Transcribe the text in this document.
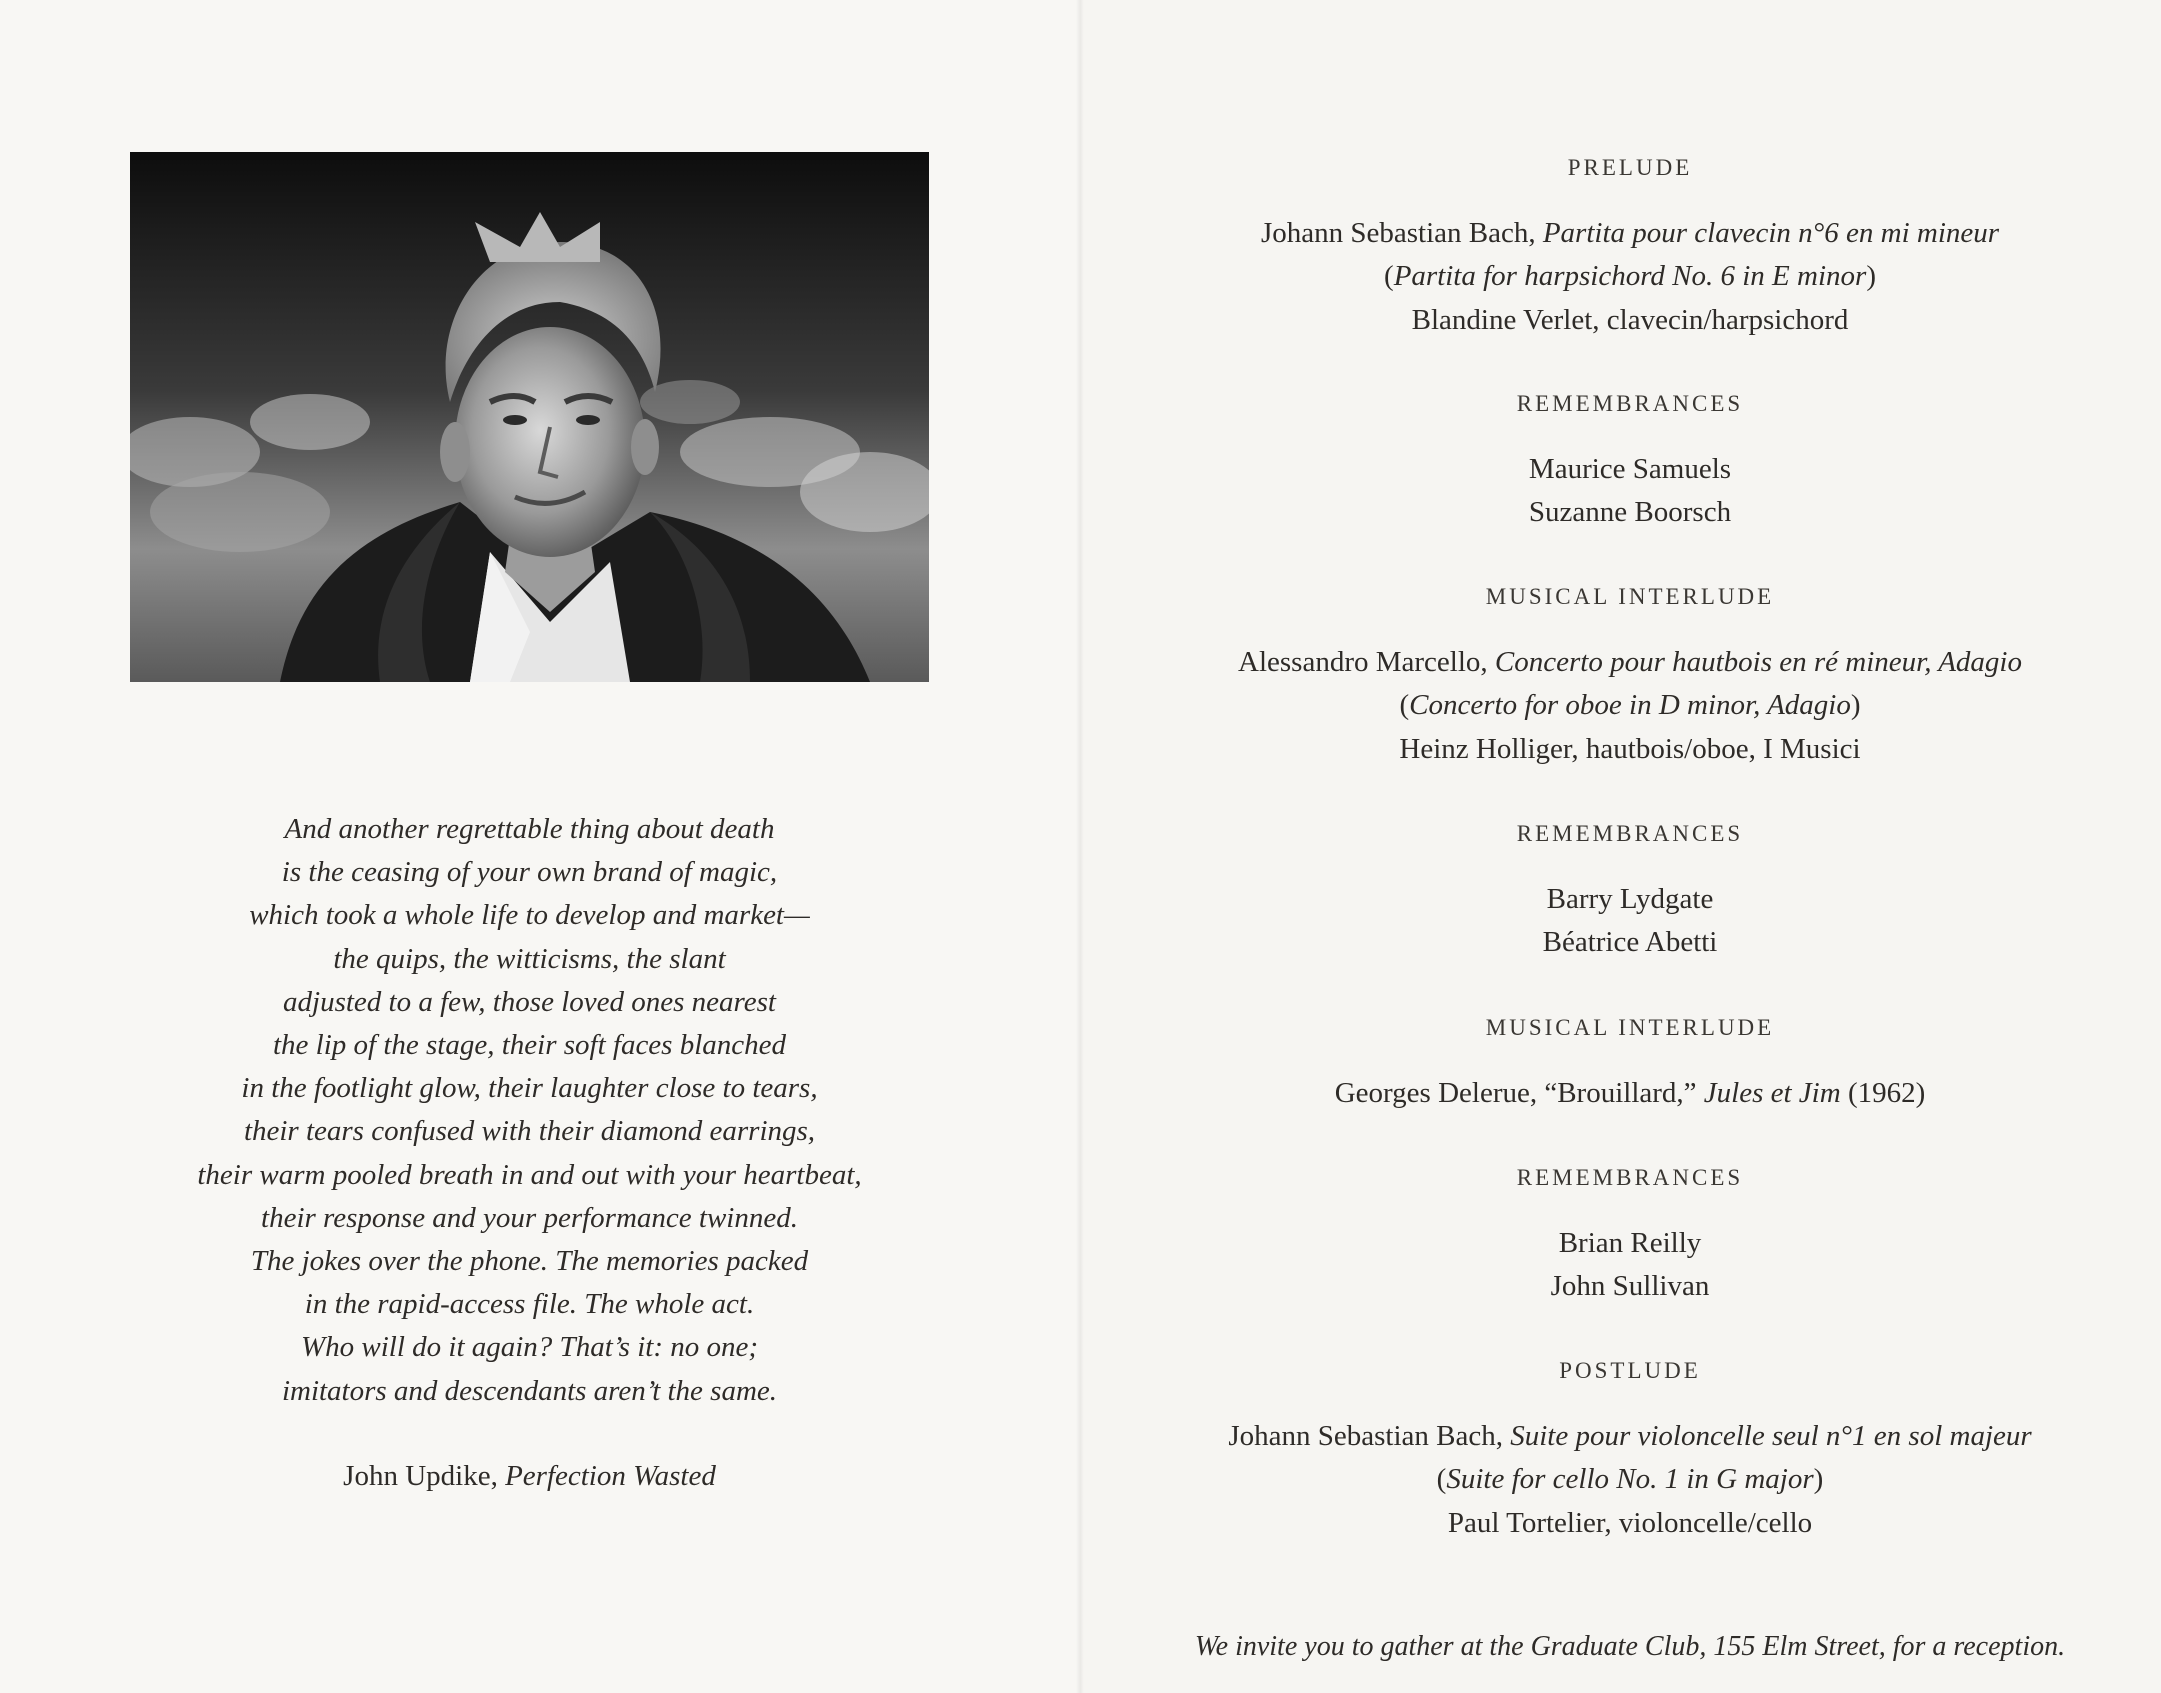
And another regrettable thing about death
is the ceasing of your own brand of magic,
which took a whole life to develop and market—
the quips, the witticisms, the slant
adjusted to a few, those loved ones nearest
the lip of the stage, their soft faces blanched
in the footlight glow, their laughter close to tears,
their tears confused with their diamond earrings,
their warm pooled breath in and out with your heartbeat,
their response and your performance twinned.
The jokes over the phone. The memories packed
in the rapid-access file. The whole act.
Who will do it again? That’s it: no one;
imitators and descendants aren’t the same.
John Updike, Perfection Wasted
PRELUDE
Johann Sebastian Bach, Partita pour clavecin n°6 en mi mineur
(Partita for harpsichord No. 6 in E minor)
Blandine Verlet, clavecin/harpsichord
REMEMBRANCES
Maurice Samuels
Suzanne Boorsch
MUSICAL INTERLUDE
Alessandro Marcello, Concerto pour hautbois en ré mineur, Adagio
(Concerto for oboe in D minor, Adagio)
Heinz Holliger, hautbois/oboe, I Musici
REMEMBRANCES
Barry Lydgate
Béatrice Abetti
MUSICAL INTERLUDE
Georges Delerue, “Brouillard,” Jules et Jim (1962)
REMEMBRANCES
Brian Reilly
John Sullivan
POSTLUDE
Johann Sebastian Bach, Suite pour violoncelle seul n°1 en sol majeur
(Suite for cello No. 1 in G major)
Paul Tortelier, violoncelle/cello
We invite you to gather at the Graduate Club, 155 Elm Street, for a reception.
